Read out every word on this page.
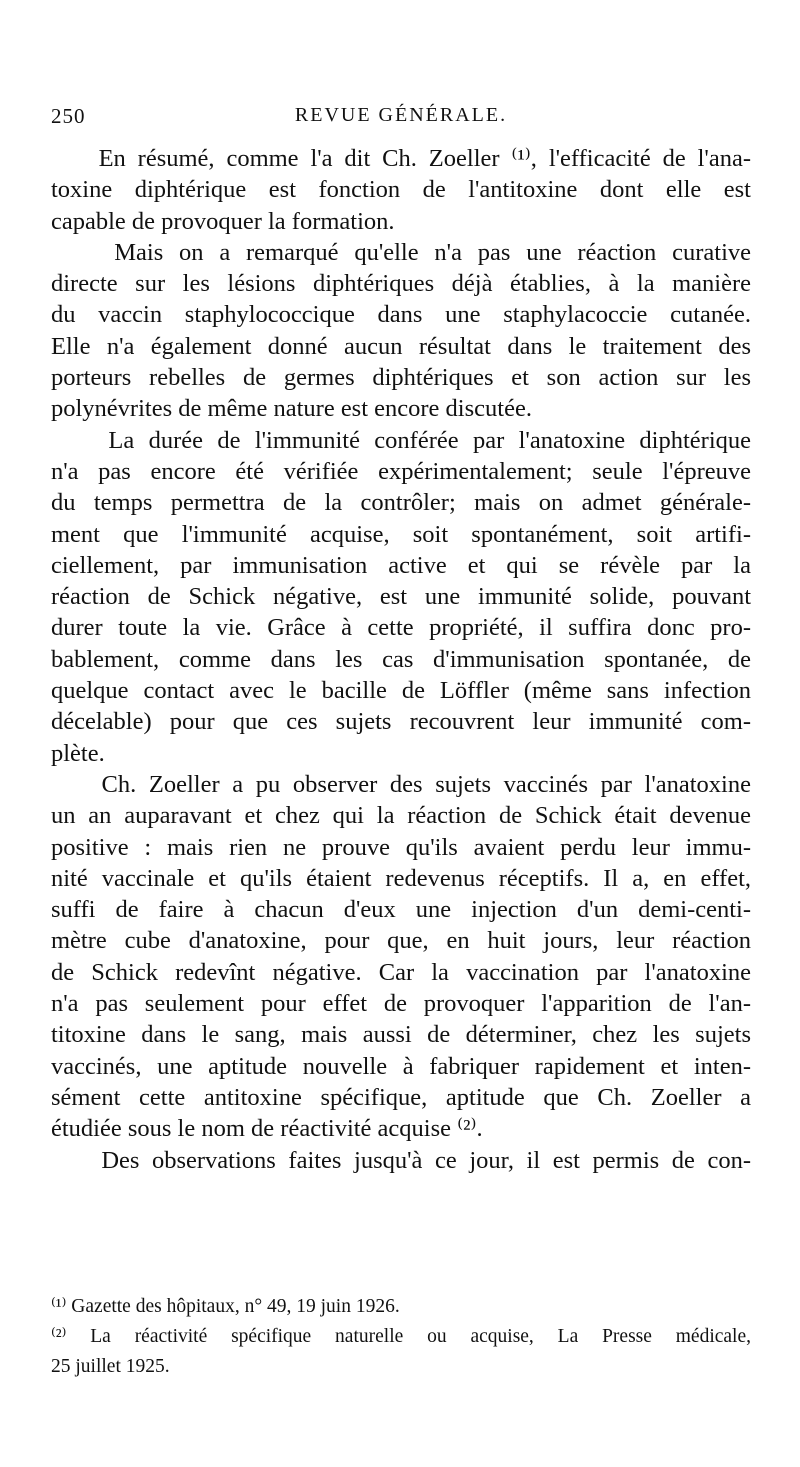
250	REVUE GÉNÉRALE.
En résumé, comme l'a dit Ch. Zoeller ⁽¹⁾, l'efficacité de l'ana-
toxine diphtérique est fonction de l'antitoxine dont elle est
capable de provoquer la formation.
Mais on a remarqué qu'elle n'a pas une réaction curative
directe sur les lésions diphtériques déjà établies, à la manière
du vaccin staphylococcique dans une staphylacoccie cutanée.
Elle n'a également donné aucun résultat dans le traitement des
porteurs rebelles de germes diphtériques et son action sur les
polynévrites de même nature est encore discutée.
La durée de l'immunité conférée par l'anatoxine diphtérique
n'a pas encore été vérifiée expérimentalement; seule l'épreuve
du temps permettra de la contrôler; mais on admet générale-
ment que l'immunité acquise, soit spontanément, soit artifi-
ciellement, par immunisation active et qui se révèle par la
réaction de Schick négative, est une immunité solide, pouvant
durer toute la vie. Grâce à cette propriété, il suffira donc pro-
bablement, comme dans les cas d'immunisation spontanée, de
quelque contact avec le bacille de Löffler (même sans infection
décelable) pour que ces sujets recouvrent leur immunité com-
plète.
Ch. Zoeller a pu observer des sujets vaccinés par l'anatoxine
un an auparavant et chez qui la réaction de Schick était devenue
positive : mais rien ne prouve qu'ils avaient perdu leur immu-
nité vaccinale et qu'ils étaient redevenus réceptifs. Il a, en effet,
suffi de faire à chacun d'eux une injection d'un demi-centi-
mètre cube d'anatoxine, pour que, en huit jours, leur réaction
de Schick redevînt négative. Car la vaccination par l'anatoxine
n'a pas seulement pour effet de provoquer l'apparition de l'an-
titoxine dans le sang, mais aussi de déterminer, chez les sujets
vaccinés, une aptitude nouvelle à fabriquer rapidement et inten-
sément cette antitoxine spécifique, aptitude que Ch. Zoeller a
étudiée sous le nom de réactivité acquise ⁽²⁾.
Des observations faites jusqu'à ce jour, il est permis de con-
⁽¹⁾ Gazette des hôpitaux, n° 49, 19 juin 1926.
⁽²⁾ La réactivité spécifique naturelle ou acquise, La Presse médicale,
25 juillet 1925.
